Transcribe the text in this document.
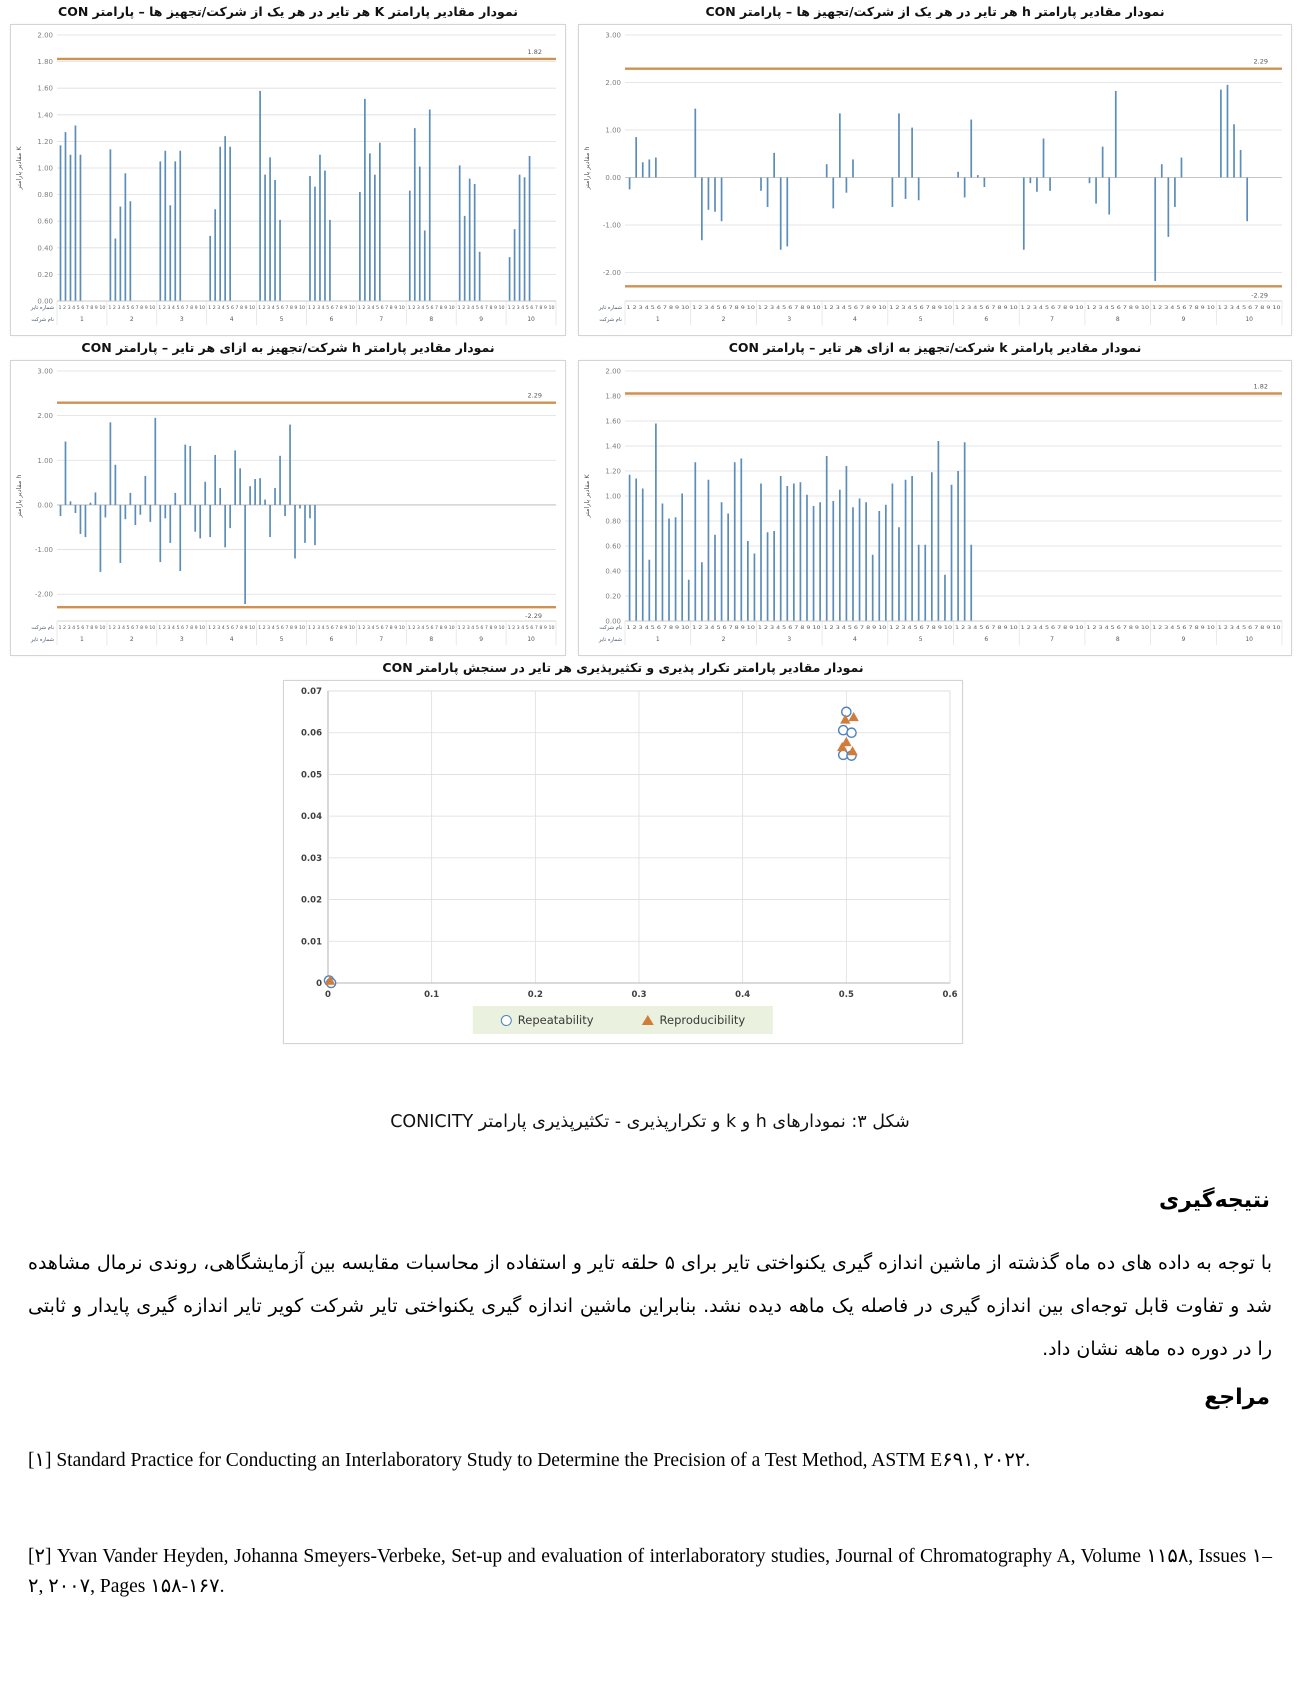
نمودار مقادیر پارامتر K هر تایر در هر یک از شرکت/تجهیز ها – پارامتر CON
0.00
0.20
0.40
0.60
0.80
1.00
1.20
1.40
1.60
1.80
2.00
1.82
1 2 3 4 5 6 7 8 9 10
1
1 2 3 4 5 6 7 8 9 10
2
1 2 3 4 5 6 7 8 9 10
3
1 2 3 4 5 6 7 8 9 10
4
1 2 3 4 5 6 7 8 9 10
5
1 2 3 4 5 6 7 8 9 10
6
1 2 3 4 5 6 7 8 9 10
7
1 2 3 4 5 6 7 8 9 10
8
1 2 3 4 5 6 7 8 9 10
9
1 2 3 4 5 6 7 8 9 10
10
شماره تایر
نام شرکت
مقادیر پارامتر K
نمودار مقادیر پارامتر h هر تایر در هر یک از شرکت/تجهیز ها – پارامتر CON
-2.00
-1.00
0.00
1.00
2.00
3.00
2.29
-2.29
1 2 3 4 5 6 7 8 9 10
1
1 2 3 4 5 6 7 8 9 10
2
1 2 3 4 5 6 7 8 9 10
3
1 2 3 4 5 6 7 8 9 10
4
1 2 3 4 5 6 7 8 9 10
5
1 2 3 4 5 6 7 8 9 10
6
1 2 3 4 5 6 7 8 9 10
7
1 2 3 4 5 6 7 8 9 10
8
1 2 3 4 5 6 7 8 9 10
9
1 2 3 4 5 6 7 8 9 10
10
شماره تایر
نام شرکت
مقادیر پارامتر h
نمودار مقادیر پارامتر h شرکت/تجهیز به ازای هر تایر – پارامتر CON
-2.00
-1.00
0.00
1.00
2.00
3.00
2.29
-2.29
1 2 3 4 5 6 7 8 9 10
1
1 2 3 4 5 6 7 8 9 10
2
1 2 3 4 5 6 7 8 9 10
3
1 2 3 4 5 6 7 8 9 10
4
1 2 3 4 5 6 7 8 9 10
5
1 2 3 4 5 6 7 8 9 10
6
1 2 3 4 5 6 7 8 9 10
7
1 2 3 4 5 6 7 8 9 10
8
1 2 3 4 5 6 7 8 9 10
9
1 2 3 4 5 6 7 8 9 10
10
نام شرکت
شماره تایر
مقادیر پارامتر h
نمودار مقادیر پارامتر k شرکت/تجهیز به ازای هر تایر – پارامتر CON
0.00
0.20
0.40
0.60
0.80
1.00
1.20
1.40
1.60
1.80
2.00
1.82
1 2 3 4 5 6 7 8 9 10
1
1 2 3 4 5 6 7 8 9 10
2
1 2 3 4 5 6 7 8 9 10
3
1 2 3 4 5 6 7 8 9 10
4
1 2 3 4 5 6 7 8 9 10
5
1 2 3 4 5 6 7 8 9 10
6
1 2 3 4 5 6 7 8 9 10
7
1 2 3 4 5 6 7 8 9 10
8
1 2 3 4 5 6 7 8 9 10
9
1 2 3 4 5 6 7 8 9 10
10
نام شرکت
شماره تایر
مقادیر پارامتر K
نمودار مقادیر پارامتر تکرار پذیری و تکثیرپذیری هر تایر در سنجش پارامتر CON
0	0.1	0.2	0.3	0.4	0.5	0.6
0
0.01
0.02
0.03
0.04
0.05
0.06
0.07
Repeatability	Reproducibility
شکل ۳: نمودارهای h و k و تکرارپذیری - تکثیرپذیری پارامتر CONICITY
نتیجه‌گیری
با توجه به داده های ده ماه گذشته از ماشین اندازه گیری یکنواختی تایر برای ۵ حلقه تایر و استفاده از محاسبات مقایسه بین آزمایشگاهی، روندی نرمال مشاهده شد و تفاوت قابل توجه‌ای بین اندازه گیری در فاصله یک ماهه دیده نشد. بنابراین ماشین اندازه گیری یکنواختی تایر شرکت کویر تایر اندازه گیری پایدار و ثابتی را در دوره ده ماهه نشان داد.
مراجع
[۱] Standard Practice for Conducting an Interlaboratory Study to Determine the Precision of a Test Method, ASTM E۶۹۱, ۲۰۲۲.
[۲] Yvan Vander Heyden, Johanna Smeyers-Verbeke, Set-up and evaluation of interlaboratory studies, Journal of Chromatography A, Volume ۱۱۵۸, Issues ۱–۲, ۲۰۰۷, Pages ۱۵۸-۱۶۷.
